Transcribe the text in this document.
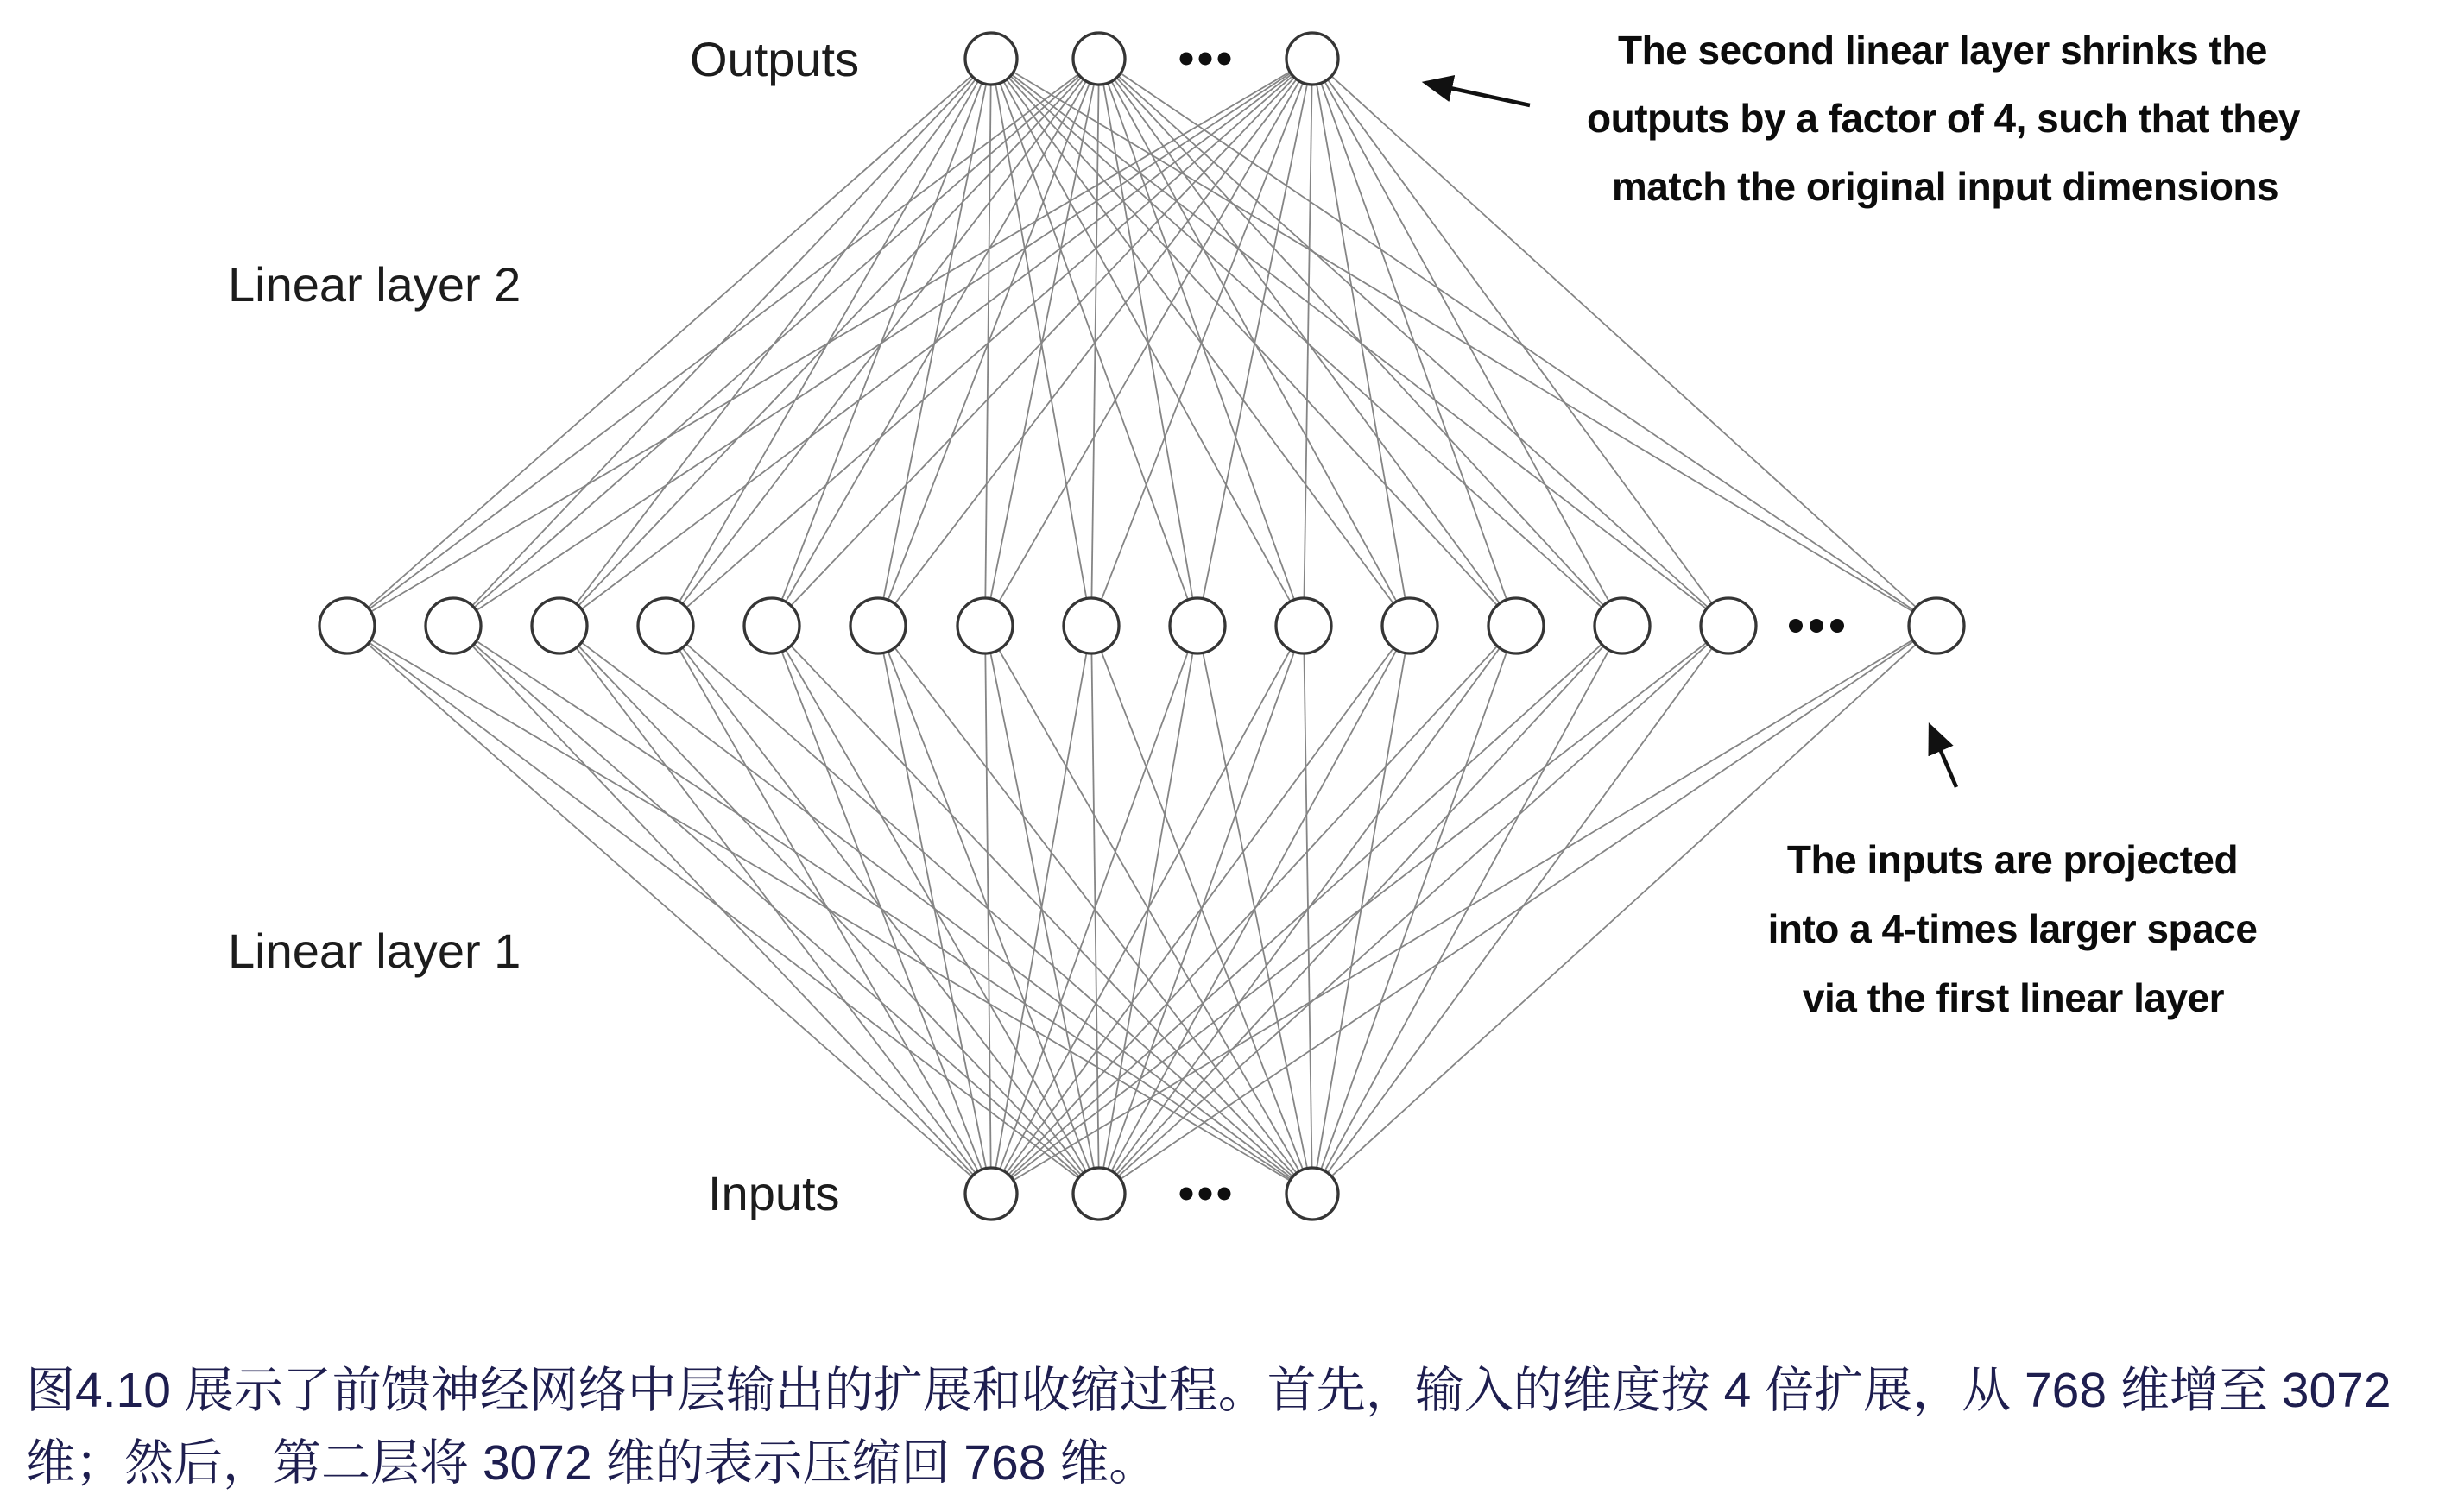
Outputs
Linear layer 2
Linear layer 1
Inputs
The second linear layer shrinks the
outputs by a factor of 4, such that they
match the original input dimensions
The inputs are projected
into a 4-times larger space
via the first linear layer
图4.10 展示了前馈神经网络中层输出的扩展和收缩过程。首先，输入的维度按 4 倍扩展，从 768 维增至 3072
维；然后，第二层将 3072 维的表示压缩回 768 维。
